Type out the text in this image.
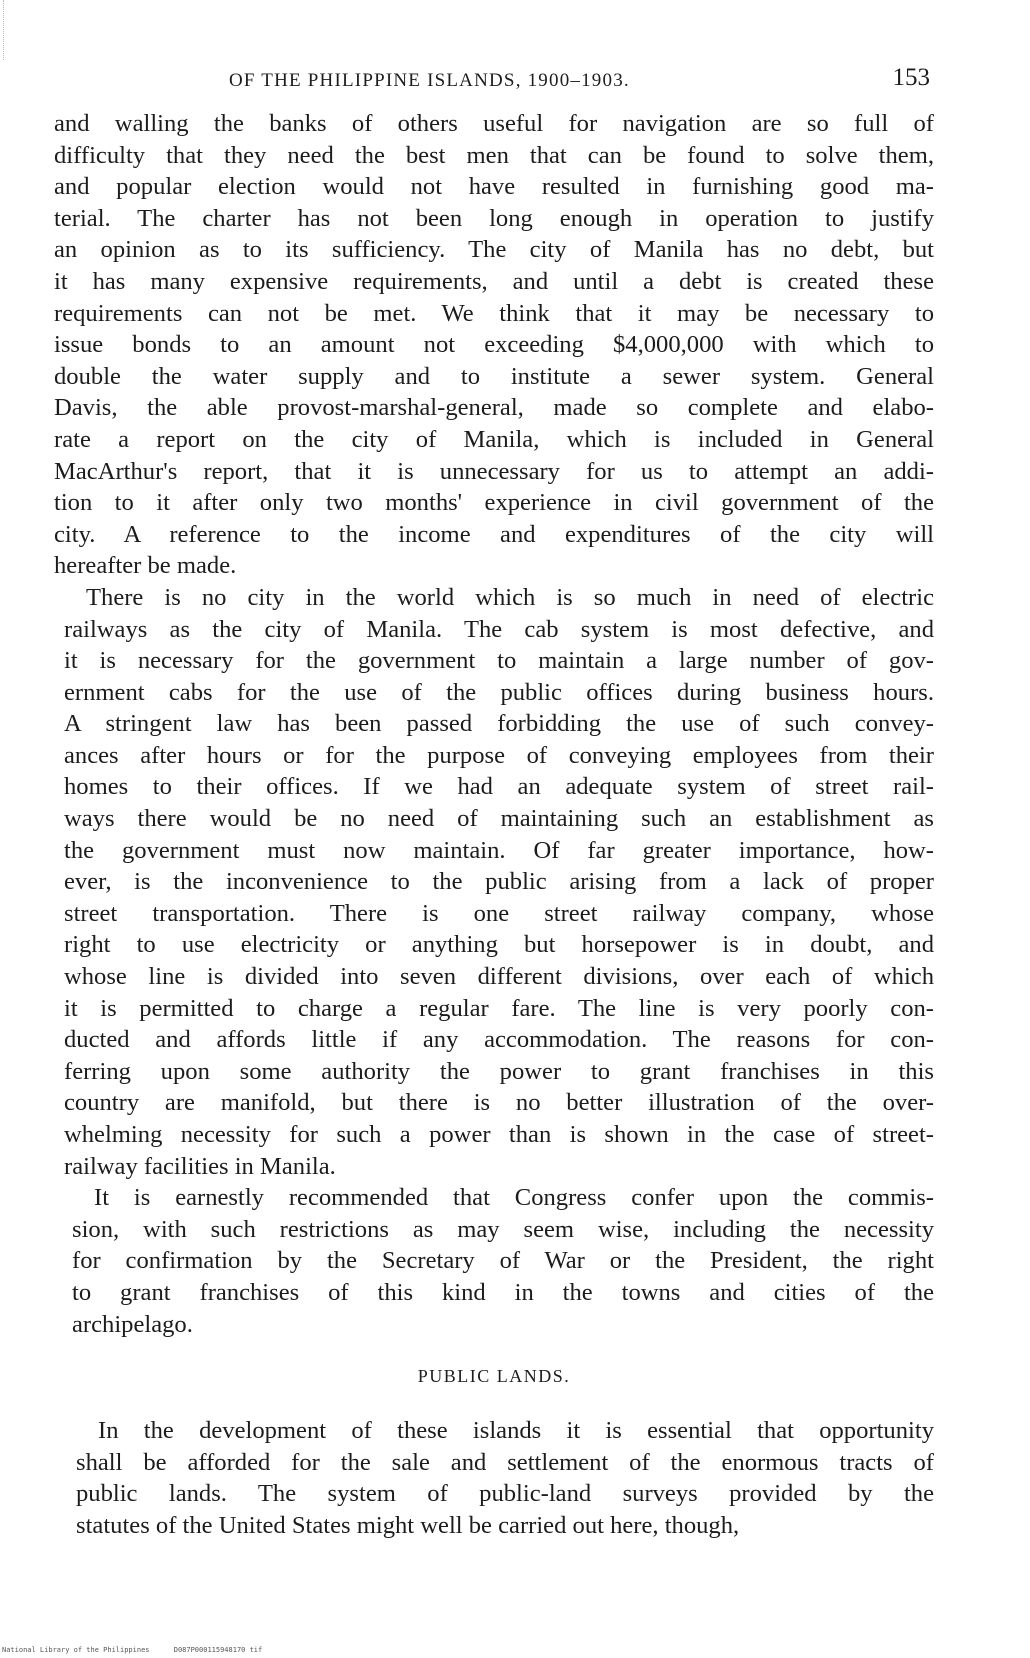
OF THE PHILIPPINE ISLANDS, 1900–1903.	153
and walling the banks of others useful for navigation are so full of
difficulty that they need the best men that can be found to solve them,
and popular election would not have resulted in furnishing good ma-
terial. The charter has not been long enough in operation to justify
an opinion as to its sufficiency. The city of Manila has no debt, but
it has many expensive requirements, and until a debt is created these
requirements can not be met. We think that it may be necessary to
issue bonds to an amount not exceeding $4,000,000 with which to
double the water supply and to institute a sewer system. General
Davis, the able provost-marshal-general, made so complete and elabo-
rate a report on the city of Manila, which is included in General
MacArthur's report, that it is unnecessary for us to attempt an addi-
tion to it after only two months' experience in civil government of the
city. A reference to the income and expenditures of the city will
hereafter be made.
There is no city in the world which is so much in need of electric
railways as the city of Manila. The cab system is most defective, and
it is necessary for the government to maintain a large number of gov-
ernment cabs for the use of the public offices during business hours.
A stringent law has been passed forbidding the use of such convey-
ances after hours or for the purpose of conveying employees from their
homes to their offices. If we had an adequate system of street rail-
ways there would be no need of maintaining such an establishment as
the government must now maintain. Of far greater importance, how-
ever, is the inconvenience to the public arising from a lack of proper
street transportation. There is one street railway company, whose
right to use electricity or anything but horsepower is in doubt, and
whose line is divided into seven different divisions, over each of which
it is permitted to charge a regular fare. The line is very poorly con-
ducted and affords little if any accommodation. The reasons for con-
ferring upon some authority the power to grant franchises in this
country are manifold, but there is no better illustration of the over-
whelming necessity for such a power than is shown in the case of street-
railway facilities in Manila.
It is earnestly recommended that Congress confer upon the commis-
sion, with such restrictions as may seem wise, including the necessity
for confirmation by the Secretary of War or the President, the right
to grant franchises of this kind in the towns and cities of the
archipelago.
PUBLIC LANDS.
In the development of these islands it is essential that opportunity
shall be afforded for the sale and settlement of the enormous tracts of
public lands. The system of public-land surveys provided by the
statutes of the United States might well be carried out here, though,
National Library of the Philippines	D087P000115948170 tif
